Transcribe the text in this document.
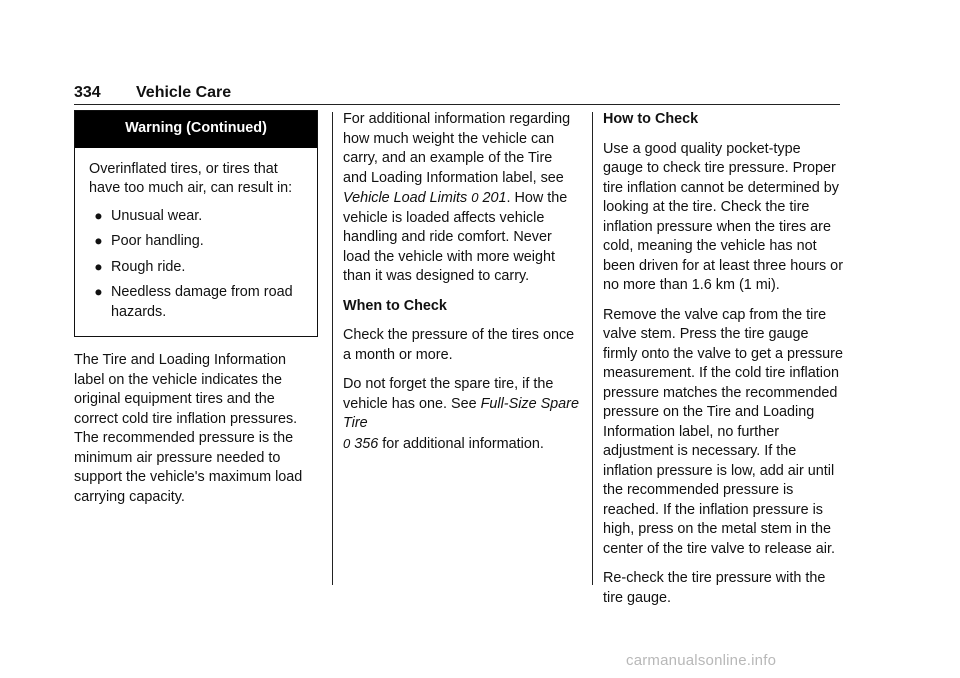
334 Vehicle Care
Warning (Continued)

Overinflated tires, or tires that have too much air, can result in:

⚫ Unusual wear.
⚫ Poor handling.
⚫ Rough ride.
⚫ Needless damage from road hazards.

The Tire and Loading Information label on the vehicle indicates the original equipment tires and the correct cold tire inflation pressures. The recommended pressure is the minimum air pressure needed to support the vehicle's maximum load carrying capacity.

For additional information regarding how much weight the vehicle can carry, and an example of the Tire and Loading Information label, see Vehicle Load Limits 0 201. How the vehicle is loaded affects vehicle handling and ride comfort. Never load the vehicle with more weight than it was designed to carry.

When to Check

Check the pressure of the tires once a month or more.

Do not forget the spare tire, if the vehicle has one. See Full-Size Spare Tire
0 356 for additional information.

How to Check

Use a good quality pocket-type gauge to check tire pressure. Proper tire inflation cannot be determined by looking at the tire. Check the tire inflation pressure when the tires are cold, meaning the vehicle has not been driven for at least three hours or no more than 1.6 km (1 mi).

Remove the valve cap from the tire valve stem. Press the tire gauge firmly onto the valve to get a pressure measurement. If the cold tire inflation pressure matches the recommended pressure on the Tire and Loading Information label, no further adjustment is necessary. If the inflation pressure is low, add air until the recommended pressure is reached. If the inflation pressure is high, press on the metal stem in the center of the tire valve to release air.

Re-check the tire pressure with the tire gauge.

carmanualsonline.info
